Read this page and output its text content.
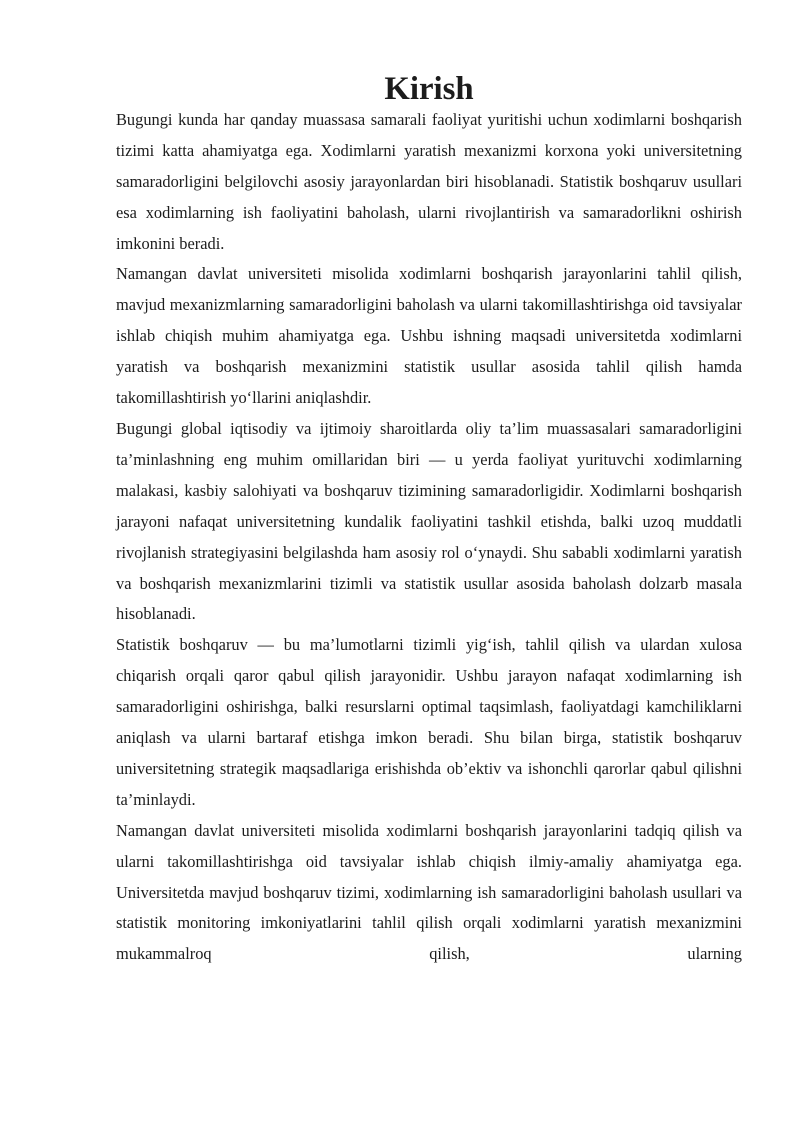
Kirish

Bugungi kunda har qanday muassasa samarali faoliyat yuritishi uchun xodimlarni boshqarish tizimi katta ahamiyatga ega. Xodimlarni yaratish mexanizmi korxona yoki universitetning samaradorligini belgilovchi asosiy jarayonlardan biri hisoblanadi. Statistik boshqaruv usullari esa xodimlarning ish faoliyatini baholash, ularni rivojlantirish va samaradorlikni oshirish imkonini beradi.

Namangan davlat universiteti misolida xodimlarni boshqarish jarayonlarini tahlil qilish, mavjud mexanizmlarning samaradorligini baholash va ularni takomillashtirishga oid tavsiyalar ishlab chiqish muhim ahamiyatga ega. Ushbu ishning maqsadi universitetda xodimlarni yaratish va boshqarish mexanizmini statistik usullar asosida tahlil qilish hamda takomillashtirish yo‘llarini aniqlashdir.

Bugungi global iqtisodiy va ijtimoiy sharoitlarda oliy ta’lim muassasalari samaradorligini ta’minlashning eng muhim omillaridan biri — u yerda faoliyat yurituvchi xodimlarning malakasi, kasbiy salohiyati va boshqaruv tizimining samaradorligidir. Xodimlarni boshqarish jarayoni nafaqat universitetning kundalik faoliyatini tashkil etishda, balki uzoq muddatli rivojlanish strategiyasini belgilashda ham asosiy rol o‘ynaydi. Shu sababli xodimlarni yaratish va boshqarish mexanizmlarini tizimli va statistik usullar asosida baholash dolzarb masala hisoblanadi.

Statistik boshqaruv — bu ma’lumotlarni tizimli yig‘ish, tahlil qilish va ulardan xulosa chiqarish orqali qaror qabul qilish jarayonidir. Ushbu jarayon nafaqat xodimlarning ish samaradorligini oshirishga, balki resurslarni optimal taqsimlash, faoliyatdagi kamchiliklarni aniqlash va ularni bartaraf etishga imkon beradi. Shu bilan birga, statistik boshqaruv universitetning strategik maqsadlariga erishishda ob’ektiv va ishonchli qarorlar qabul qilishni ta’minlaydi.

Namangan davlat universiteti misolida xodimlarni boshqarish jarayonlarini tadqiq qilish va ularni takomillashtirishga oid tavsiyalar ishlab chiqish ilmiy-amaliy ahamiyatga ega. Universitetda mavjud boshqaruv tizimi, xodimlarning ish samaradorligini baholash usullari va statistik monitoring imkoniyatlarini tahlil qilish orqali xodimlarni yaratish mexanizmini mukammalroq qilish, ularning
